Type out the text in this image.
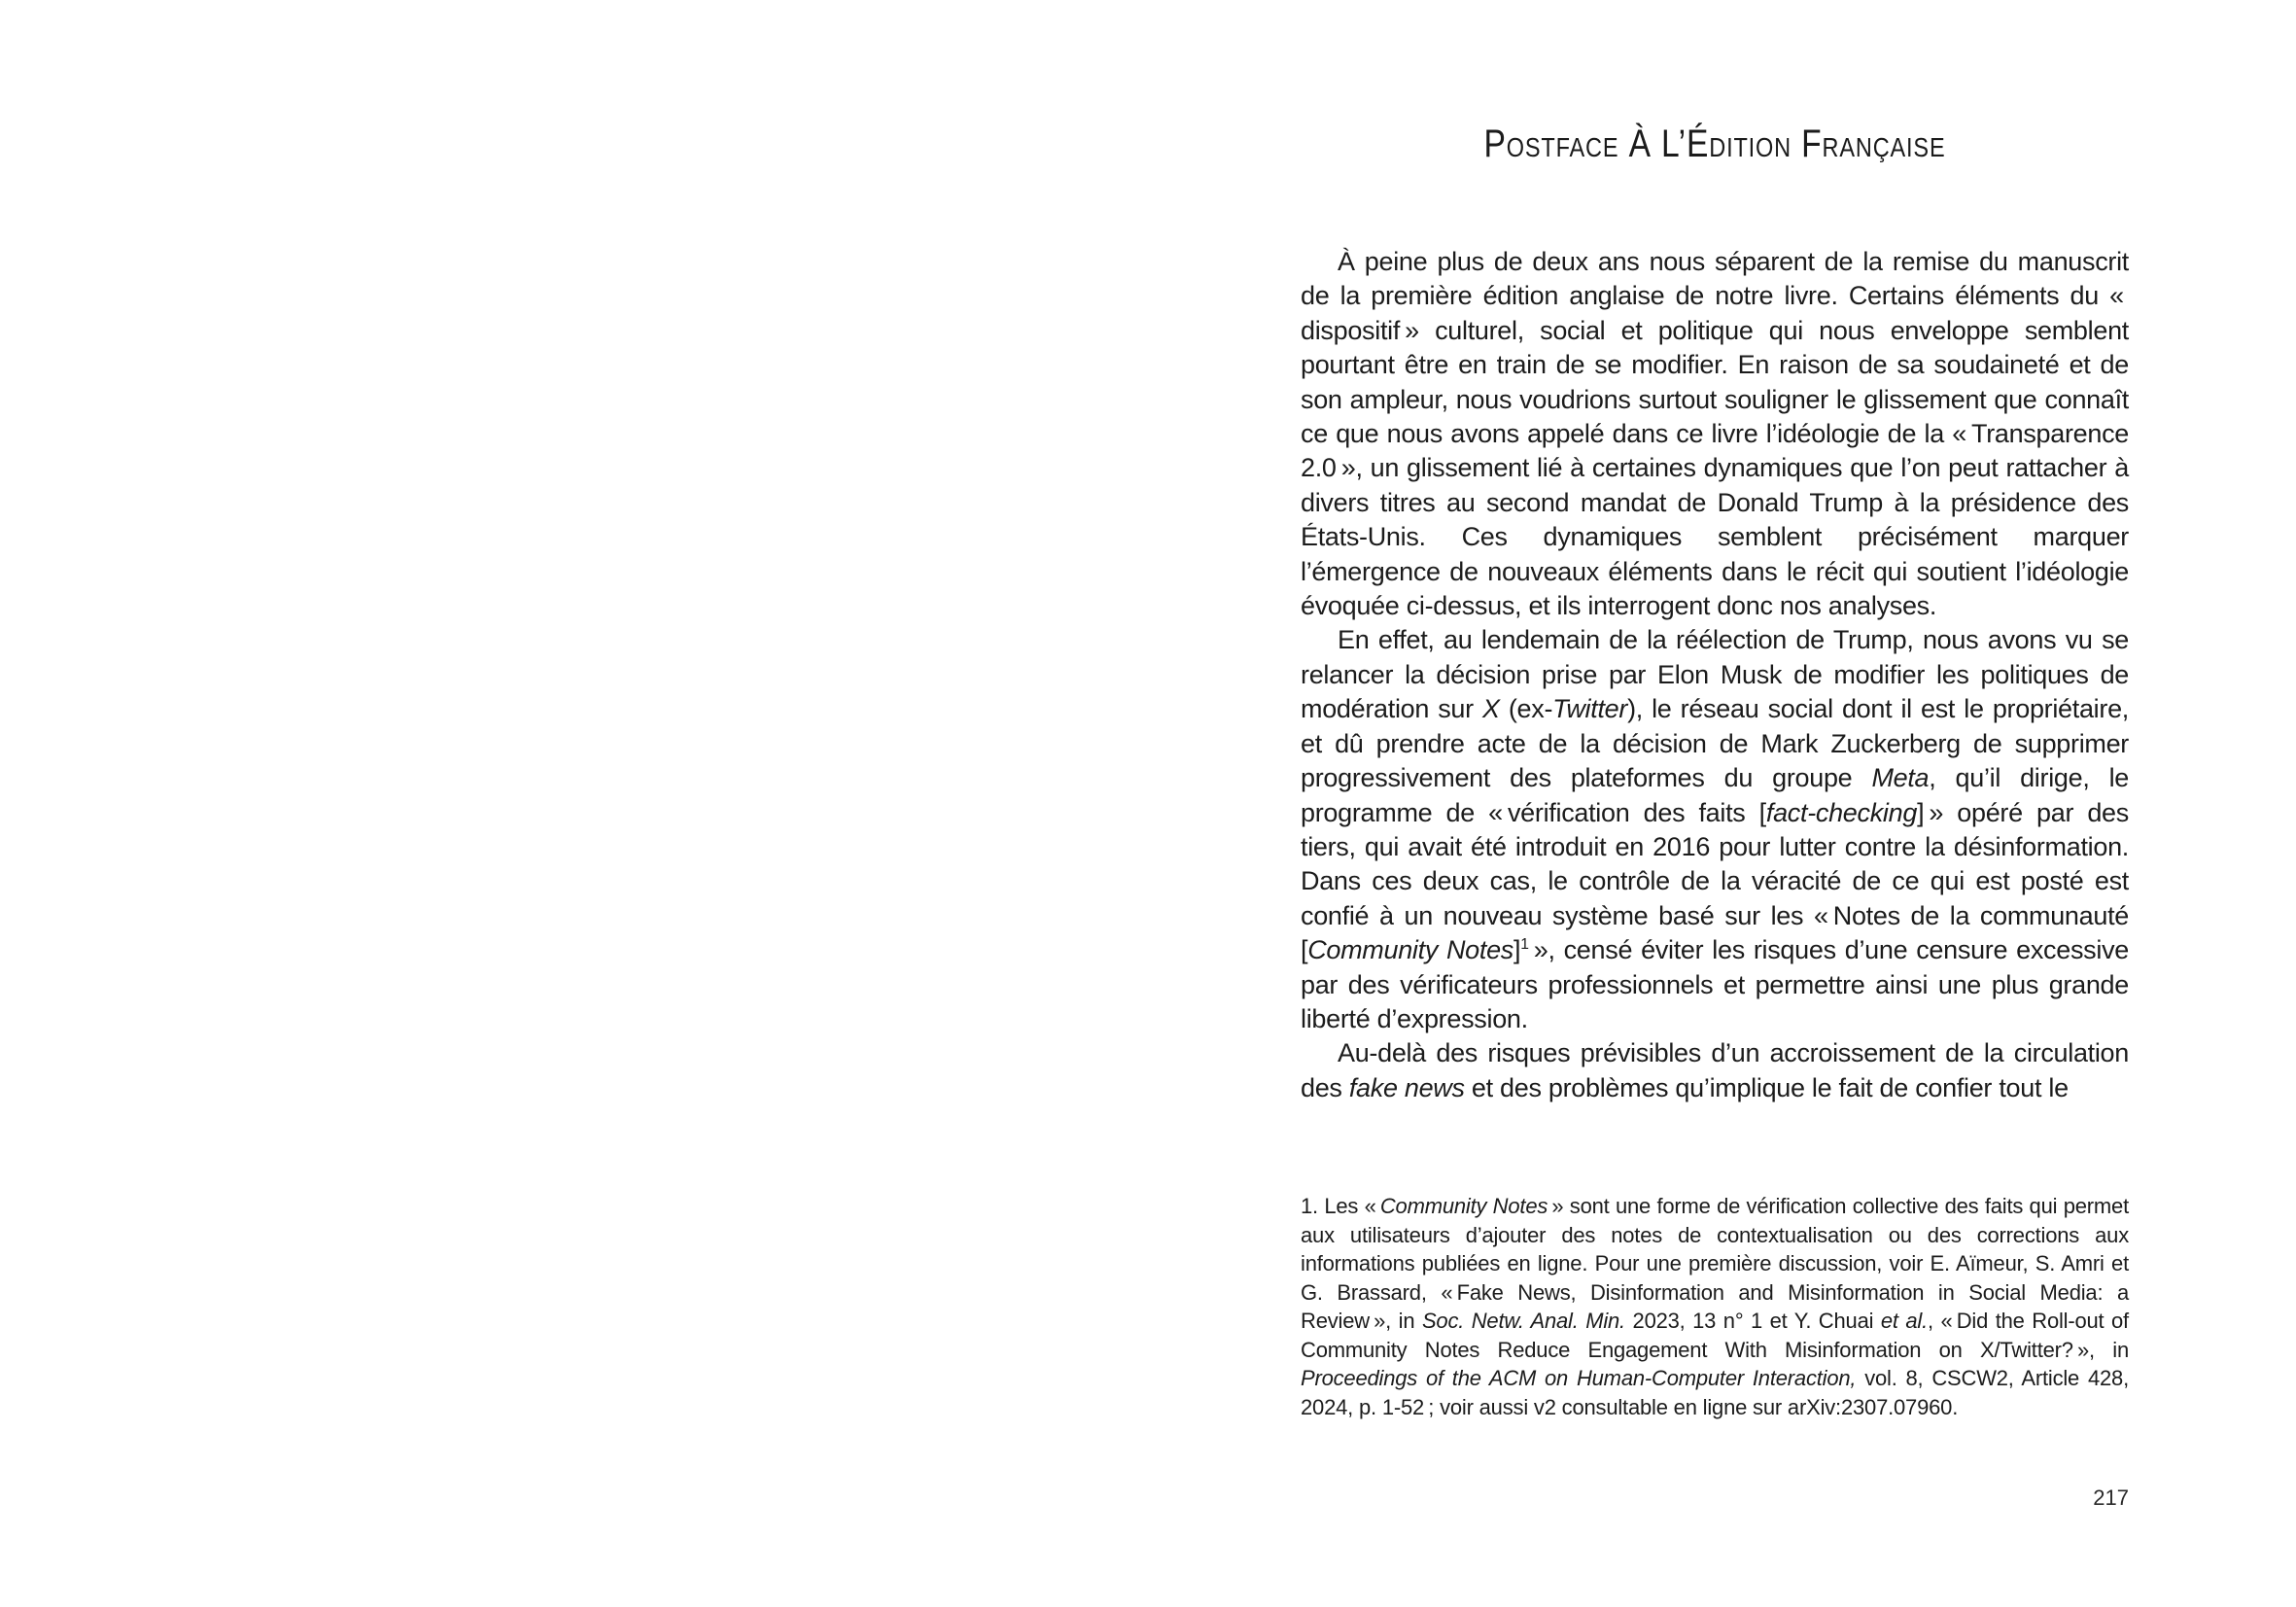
Postface À L’Édition Française

À peine plus de deux ans nous séparent de la remise du manuscrit de la première édition anglaise de notre livre. Certains éléments du « dispositif » culturel, social et politique qui nous enveloppe semblent pourtant être en train de se modifier. En raison de sa soudaineté et de son ampleur, nous voudrions surtout souligner le glissement que connaît ce que nous avons appelé dans ce livre l’idéologie de la « Transparence 2.0 », un glissement lié à certaines dynamiques que l’on peut rattacher à divers titres au second mandat de Donald Trump à la présidence des États-Unis. Ces dynamiques semblent précisément marquer l’émergence de nouveaux éléments dans le récit qui soutient l’idéologie évoquée ci-dessus, et ils interrogent donc nos analyses.

En effet, au lendemain de la réélection de Trump, nous avons vu se relancer la décision prise par Elon Musk de modifier les politiques de modération sur X (ex-Twitter), le réseau social dont il est le propriétaire, et dû prendre acte de la décision de Mark Zuckerberg de supprimer progressivement des plateformes du groupe Meta, qu’il dirige, le programme de « vérification des faits [fact-checking] » opéré par des tiers, qui avait été introduit en 2016 pour lutter contre la désinformation. Dans ces deux cas, le contrôle de la véracité de ce qui est posté est confié à un nouveau système basé sur les « Notes de la communauté [Community Notes]$^1$ », censé éviter les risques d’une censure excessive par des vérificateurs professionnels et permettre ainsi une plus grande liberté d’expression.

Au-delà des risques prévisibles d’un accroissement de la circulation des fake news et des problèmes qu’implique le fait de confier tout le

1. Les « Community Notes » sont une forme de vérification collective des faits qui permet aux utilisateurs d’ajouter des notes de contextualisation ou des corrections aux informations publiées en ligne. Pour une première discussion, voir E. Aïmeur, S. Amri et G. Brassard, « Fake News, Disinformation and Misinformation in Social Media: a Review », in Soc. Netw. Anal. Min. 2023, 13 n° 1 et Y. Chuai et al., « Did the Roll-out of Community Notes Reduce Engagement With Misinformation on X/Twitter? », in Proceedings of the ACM on Human-Computer Interaction, vol. 8, CSCW2, Article 428, 2024, p. 1-52 ; voir aussi v2 consultable en ligne sur arXiv:2307.07960.
217
